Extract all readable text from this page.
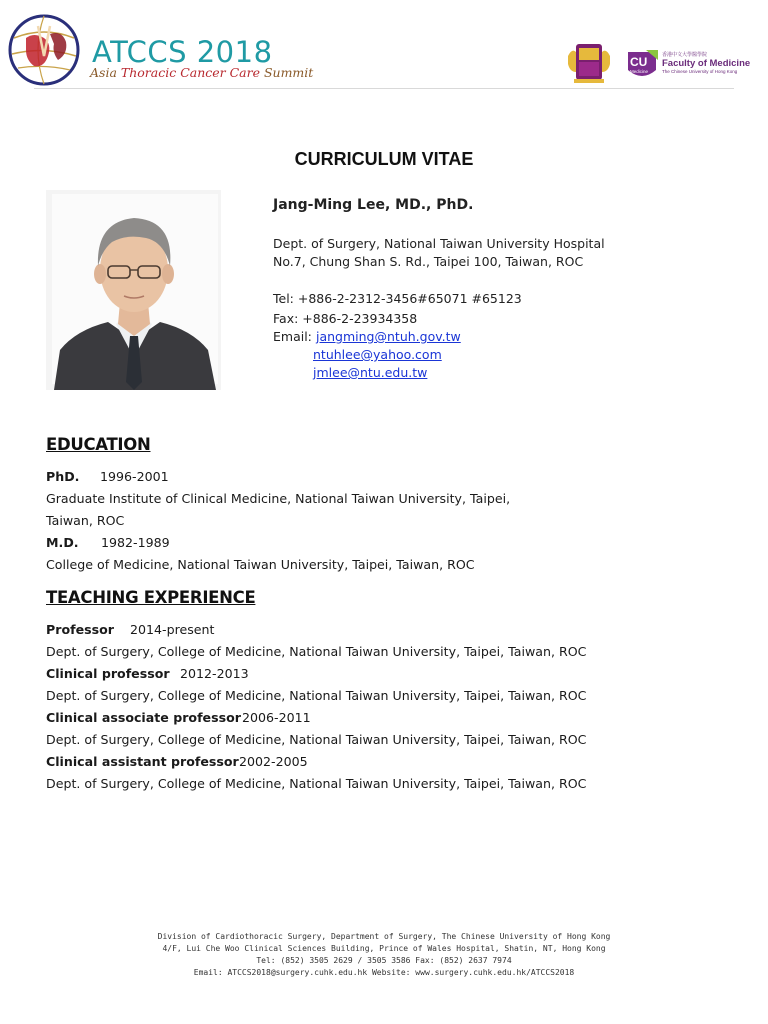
ATCCS 2018
Asia Thoracic Cancer Care Summit
CU
Medicine
香港中文大學醫學院
Faculty of Medicine
The Chinese University of Hong Kong
CURRICULUM VITAE
Jang-Ming Lee, MD., PhD.
Dept. of Surgery, National Taiwan University Hospital
No.7, Chung Shan S. Rd., Taipei 100, Taiwan, ROC
Tel: +886-2-2312-3456#65071 #65123
Fax: +886-2-23934358
Email: jangming@ntuh.gov.tw
ntuhlee@yahoo.com
jmlee@ntu.edu.tw
EDUCATION
PhD. 1996-2001
Graduate Institute of Clinical Medicine, National Taiwan University, Taipei,
Taiwan, ROC
M.D. 1982-1989
College of Medicine, National Taiwan University, Taipei, Taiwan, ROC
TEACHING EXPERIENCE
Professor 2014-present
Dept. of Surgery, College of Medicine, National Taiwan University, Taipei, Taiwan, ROC
Clinical professor 2012-2013
Dept. of Surgery, College of Medicine, National Taiwan University, Taipei, Taiwan, ROC
Clinical associate professor 2006-2011
Dept. of Surgery, College of Medicine, National Taiwan University, Taipei, Taiwan, ROC
Clinical assistant professor 2002-2005
Dept. of Surgery, College of Medicine, National Taiwan University, Taipei, Taiwan, ROC
Division of Cardiothoracic Surgery, Department of Surgery, The Chinese University of Hong Kong
4/F, Lui Che Woo Clinical Sciences Building, Prince of Wales Hospital, Shatin, NT, Hong Kong
Tel: (852) 3505 2629 / 3505 3586 Fax: (852) 2637 7974
Email: ATCCS2018@surgery.cuhk.edu.hk Website: www.surgery.cuhk.edu.hk/ATCCS2018
